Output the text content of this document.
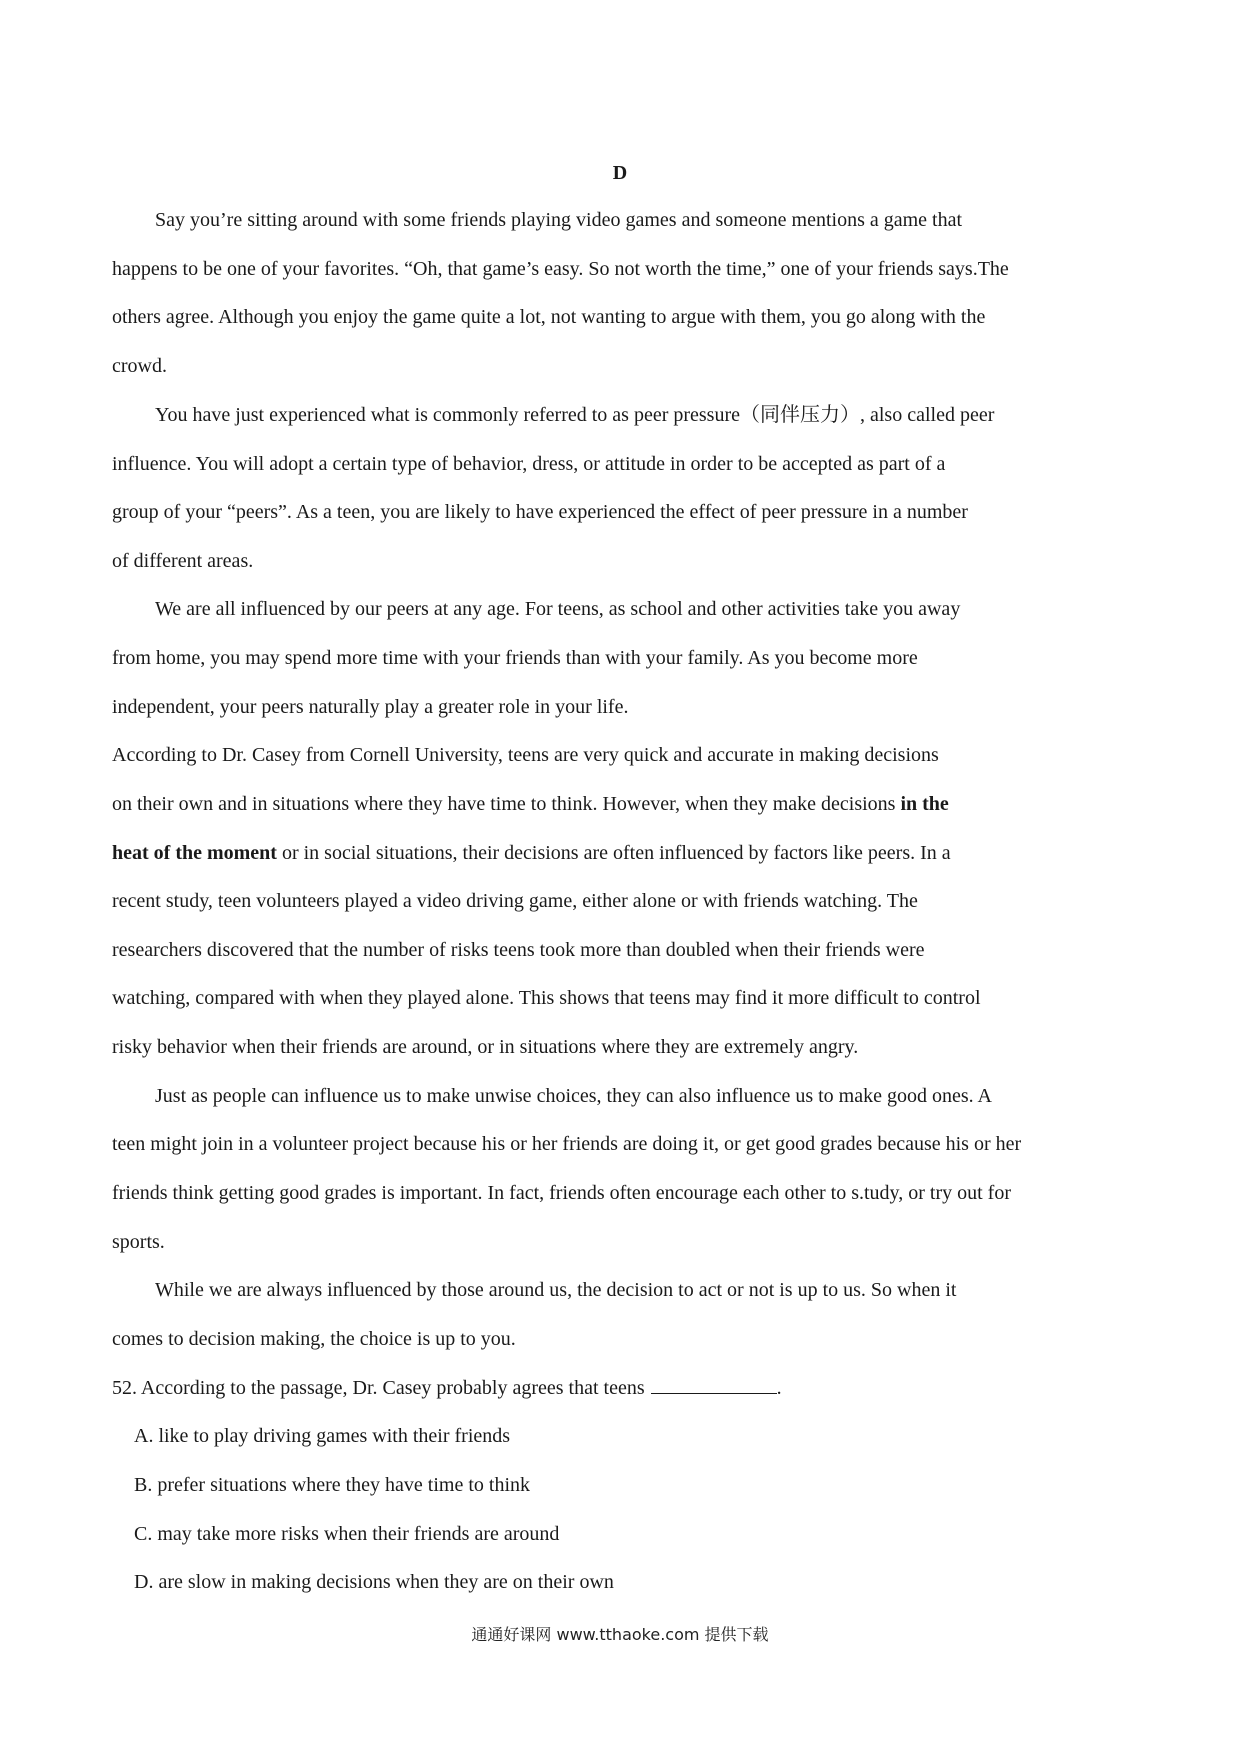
D
Say you’re sitting around with some friends playing video games and someone mentions a game that
happens to be one of your favorites. “Oh, that game’s easy. So not worth the time,” one of your friends says.The
others agree. Although you enjoy the game quite a lot, not wanting to argue with them, you go along with the
crowd.
You have just experienced what is commonly referred to as peer pressure（同伴压力）, also called peer
influence. You will adopt a certain type of behavior, dress, or attitude in order to be accepted as part of a
group of your “peers”. As a teen, you are likely to have experienced the effect of peer pressure in a number
of different areas.
We are all influenced by our peers at any age. For teens, as school and other activities take you away
from home, you may spend more time with your friends than with your family. As you become more
independent, your peers naturally play a greater role in your life.
According to Dr. Casey from Cornell University, teens are very quick and accurate in making decisions
on their own and in situations where they have time to think. However, when they make decisions in the
heat of the moment or in social situations, their decisions are often influenced by factors like peers. In a
recent study, teen volunteers played a video driving game, either alone or with friends watching. The
researchers discovered that the number of risks teens took more than doubled when their friends were
watching, compared with when they played alone. This shows that teens may find it more difficult to control
risky behavior when their friends are around, or in situations where they are extremely angry.
Just as people can influence us to make unwise choices, they can also influence us to make good ones. A
teen might join in a volunteer project because his or her friends are doing it, or get good grades because his or her
friends think getting good grades is important. In fact, friends often encourage each other to s.tudy, or try out for
sports.
While we are always influenced by those around us, the decision to act or not is up to us. So when it
comes to decision making, the choice is up to you.
52. According to the passage, Dr. Casey probably agrees that teens	.
A. like to play driving games with their friends
B. prefer situations where they have time to think
C. may take more risks when their friends are around
D. are slow in making decisions when they are on their own
通通好课网 www.tthaoke.com 提供下载
